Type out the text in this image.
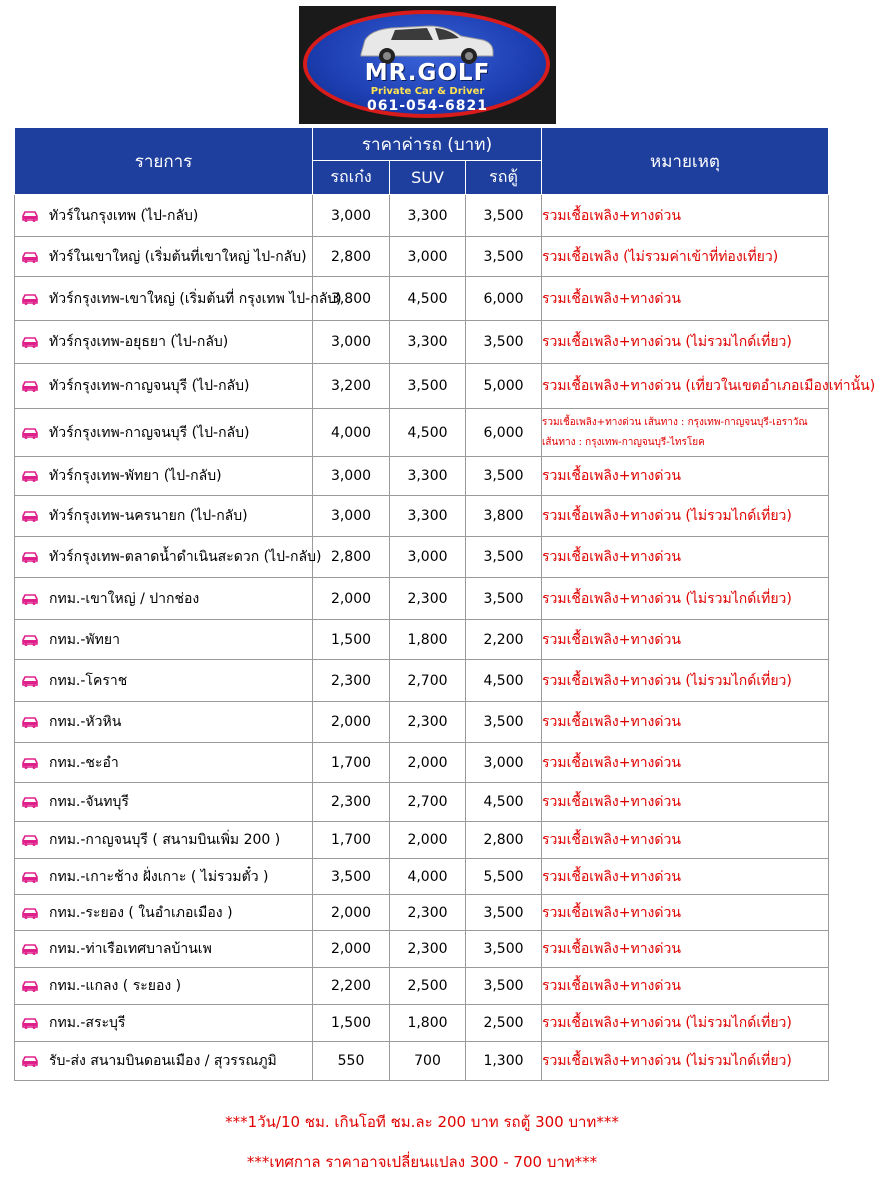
MR.GOLF
Private Car & Driver
061-054-6821
รายการ	ราคาค่ารถ (บาท)			หมายเหตุ
	รถเก๋ง	SUV	รถตู้	
ทัวร์ในกรุงเทพ (ไป-กลับ)	3,000	3,300	3,500	รวมเชื้อเพลิง+ทางด่วน
ทัวร์ในเขาใหญ่ (เริ่มต้นที่เขาใหญ่ ไป-กลับ)	2,800	3,000	3,500	รวมเชื้อเพลิง (ไม่รวมค่าเข้าที่ท่องเที่ยว)
ทัวร์กรุงเทพ-เขาใหญ่ (เริ่มต้นที่ กรุงเทพ ไป-กลับ)	3,800	4,500	6,000	รวมเชื้อเพลิง+ทางด่วน
ทัวร์กรุงเทพ-อยุธยา (ไป-กลับ)	3,000	3,300	3,500	รวมเชื้อเพลิง+ทางด่วน (ไม่รวมไกด์เที่ยว)
ทัวร์กรุงเทพ-กาญจนบุรี (ไป-กลับ)	3,200	3,500	5,000	รวมเชื้อเพลิง+ทางด่วน (เที่ยวในเขตอำเภอเมืองเท่านั้น)
ทัวร์กรุงเทพ-กาญจนบุรี (ไป-กลับ)	4,000	4,500	6,000	รวมเชื้อเพลิง+ทางด่วน เส้นทาง : กรุงเทพ-กาญจนบุรี-เอราวัณ
เส้นทาง : กรุงเทพ-กาญจนบุรี-ไทรโยค

ทัวร์กรุงเทพ-พัทยา (ไป-กลับ)	3,000	3,300	3,500	รวมเชื้อเพลิง+ทางด่วน
ทัวร์กรุงเทพ-นครนายก (ไป-กลับ)	3,000	3,300	3,800	รวมเชื้อเพลิง+ทางด่วน (ไม่รวมไกด์เที่ยว)
ทัวร์กรุงเทพ-ตลาดน้ำดำเนินสะดวก (ไป-กลับ)	2,800	3,000	3,500	รวมเชื้อเพลิง+ทางด่วน
กทม.-เขาใหญ่ / ปากช่อง	2,000	2,300	3,500	รวมเชื้อเพลิง+ทางด่วน (ไม่รวมไกด์เที่ยว)
กทม.-พัทยา	1,500	1,800	2,200	รวมเชื้อเพลิง+ทางด่วน
กทม.-โคราช	2,300	2,700	4,500	รวมเชื้อเพลิง+ทางด่วน (ไม่รวมไกด์เที่ยว)
กทม.-หัวหิน	2,000	2,300	3,500	รวมเชื้อเพลิง+ทางด่วน
กทม.-ชะอำ	1,700	2,000	3,000	รวมเชื้อเพลิง+ทางด่วน
กทม.-จันทบุรี	2,300	2,700	4,500	รวมเชื้อเพลิง+ทางด่วน
กทม.-กาญจนบุรี ( สนามบินเพิ่ม 200 )	1,700	2,000	2,800	รวมเชื้อเพลิง+ทางด่วน
กทม.-เกาะช้าง ฝั่งเกาะ ( ไม่รวมตั๋ว )	3,500	4,000	5,500	รวมเชื้อเพลิง+ทางด่วน
กทม.-ระยอง ( ในอำเภอเมือง )	2,000	2,300	3,500	รวมเชื้อเพลิง+ทางด่วน
กทม.-ท่าเรือเทศบาลบ้านเพ	2,000	2,300	3,500	รวมเชื้อเพลิง+ทางด่วน
กทม.-แกลง ( ระยอง )	2,200	2,500	3,500	รวมเชื้อเพลิง+ทางด่วน
กทม.-สระบุรี	1,500	1,800	2,500	รวมเชื้อเพลิง+ทางด่วน (ไม่รวมไกด์เที่ยว)
รับ-ส่ง สนามบินดอนเมือง / สุวรรณภูมิ	550	700	1,300	รวมเชื้อเพลิง+ทางด่วน (ไม่รวมไกด์เที่ยว)
***1วัน/10 ชม. เกินโอที ชม.ละ 200 บาท รถตู้ 300 บาท***
***เทศกาล ราคาอาจเปลี่ยนแปลง 300 - 700 บาท***
